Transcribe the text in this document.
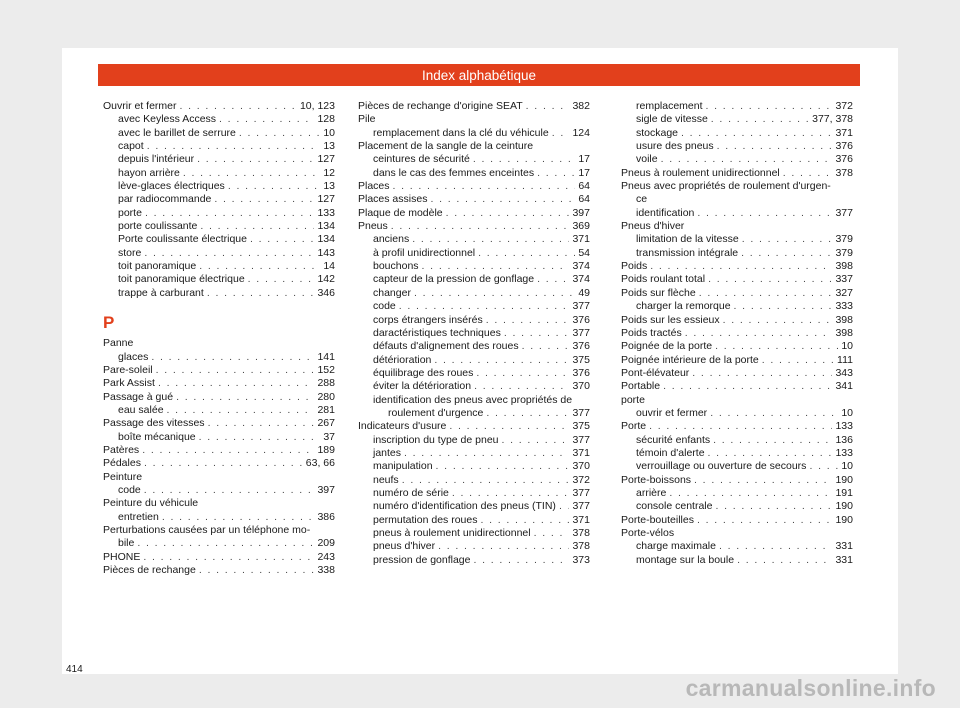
Index alphabétique
Ouvrir et fermer . . .	10, 123
avec Keyless Access . . .	128
avec le barillet de serrure . . .	10
capot . . .	13
depuis l'intérieur . . .	127
hayon arrière . . .	12
lève-glaces électriques . . .	13
par radiocommande . . .	127
porte . . .	133
porte coulissante . . .	134
Porte coulissante électrique . . .	134
store . . .	143
toit panoramique . . .	14
toit panoramique électrique . . .	142
trappe à carburant . . .	346
P
Panne
glaces . . .	141
Pare-soleil . . .	152
Park Assist . . .	288
Passage à gué . . .	280
eau salée . . .	281
Passage des vitesses . . .	267
boîte mécanique . . .	37
Patères . . .	189
Pédales . . .	63, 66
Peinture
code . . .	397
Peinture du véhicule
entretien . . .	386
Perturbations causées par un téléphone mo-
bile . . .	209
PHONE . . .	243
Pièces de rechange . . .	338
Pièces de rechange d'origine SEAT . . .	382
Pile
remplacement dans la clé du véhicule . . . 124
Placement de la sangle de la ceinture
ceintures de sécurité . . .	17
dans le cas des femmes enceintes . . .	17
Places . . .	64
Places assises . . .	64
Plaque de modèle . . .	397
Pneus . . .	369
anciens . . .	371
à profil unidirectionnel . . .	54
bouchons . . .	374
capteur de la pression de gonflage . . .	374
changer . . .	49
code . . .	377
corps étrangers insérés . . .	376
daractéristiques techniques . . .	377
défauts d'alignement des roues . . .	376
détérioration . . .	375
équilibrage des roues . . .	376
éviter la détérioration . . .	370
identification des pneus avec propriétés de
roulement d'urgence . . .	377
Indicateurs d'usure . . .	375
inscription du type de pneu . . .	377
jantes . . .	371
manipulation . . .	370
neufs . . .	372
numéro de série . . .	377
numéro d'identification des pneus (TIN) . . . 377
permutation des roues . . .	371
pneus à roulement unidirectionnel . . .	378
pneus d'hiver . . .	378
pression de gonflage . . .	373
remplacement . . .	372
sigle de vitesse . . .	377, 378
stockage . . .	371
usure des pneus . . .	376
voile . . .	376
Pneus à roulement unidirectionnel . . .	378
Pneus avec propriétés de roulement d'urgen-
ce
identification . . .	377
Pneus d'hiver
limitation de la vitesse . . .	379
transmission intégrale . . .	379
Poids . . .	398
Poids roulant total . . .	337
Poids sur flèche . . .	327
charger la remorque . . .	333
Poids sur les essieux . . .	398
Poids tractés . . .	398
Poignée de la porte . . .	10
Poignée intérieure de la porte . . .	111
Pont-élévateur . . .	343
Portable . . .	341
porte
ouvrir et fermer . . .	10
Porte . . .	133
sécurité enfants . . .	136
témoin d'alerte . . .	133
verrouillage ou ouverture de secours . . .	10
Porte-boissons . . .	190
arrière . . .	191
console centrale . . .	190
Porte-bouteilles . . .	190
Porte-vélos
charge maximale . . .	331
montage sur la boule . . .	331
414
carmanualsonline.info
